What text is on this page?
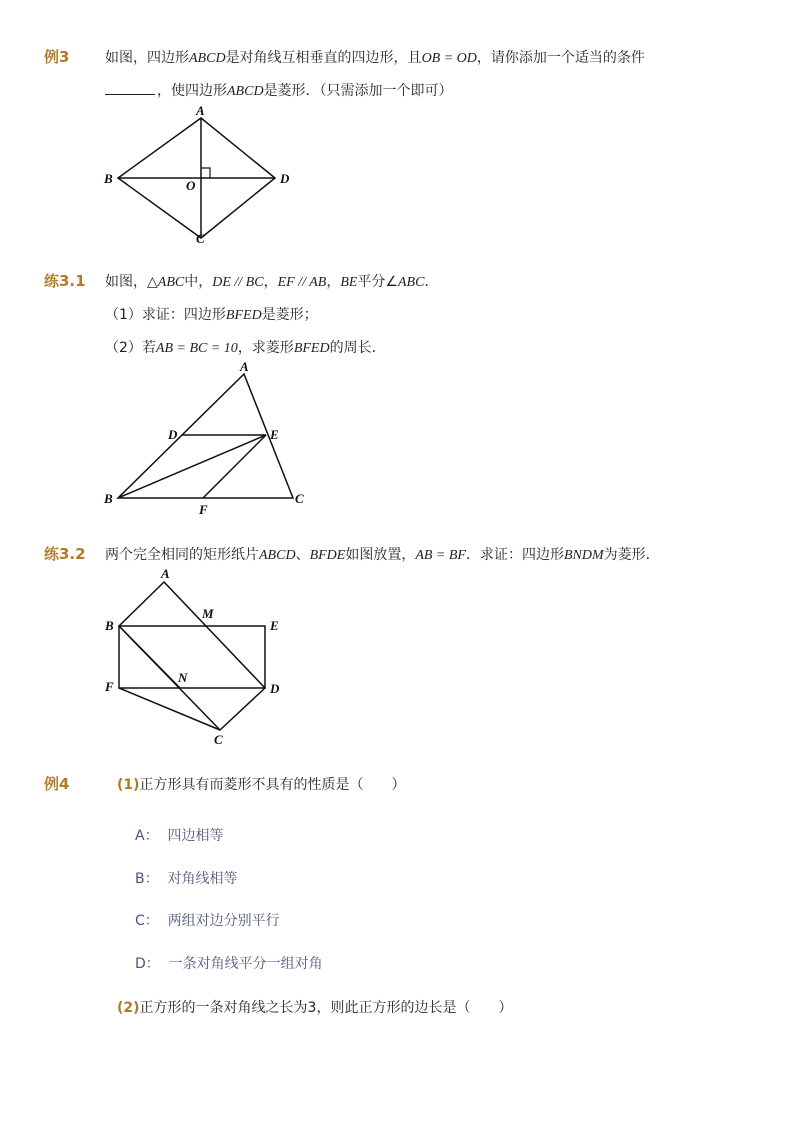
例3	如图，四边形ABCD是对角线互相垂直的四边形，且OB = OD，请你添加一个适当的条件
，使四边形ABCD是菱形．（只需添加一个即可）
A
B
C
D
O
练3.1 如图，△ABC中，DE // BC，EF // AB，BE平分∠ABC．
（1）求证：四边形BFED是菱形；
（2）若AB = BC = 10，求菱形BFED的周长．
A
B	C
D	E
F
练3.2 两个完全相同的矩形纸片ABCD、BFDE如图放置，AB = BF．求证：四边形BNDM为菱形．
A
B
M
E
N
F	D
C
例4	(1)正方形具有而菱形不具有的性质是（　　）
A： 四边相等
B： 对角线相等
C： 两组对边分别平行
D： 一条对角线平分一组对角
(2)正方形的一条对角线之长为3，则此正方形的边长是（　　）
